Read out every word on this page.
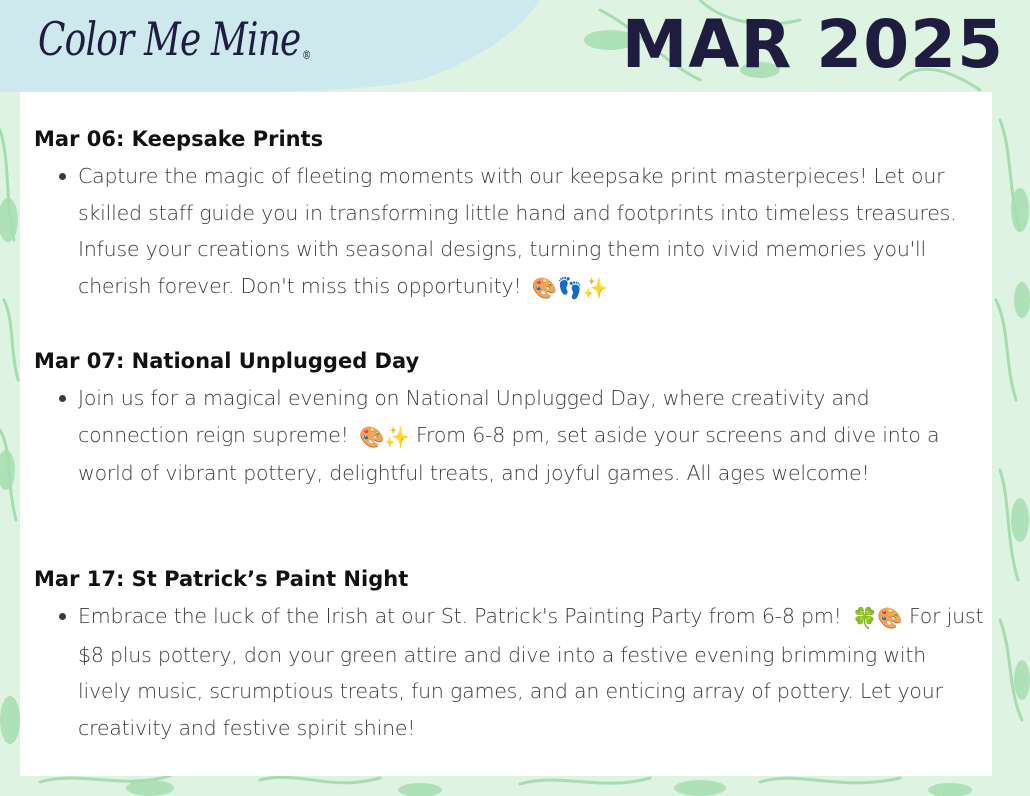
Color Me Mine ®	MAR 2025
Mar 06: Keepsake Prints

Capture the magic of fleeting moments with our keepsake print masterpieces! Let our skilled staff guide you in transforming little hand and footprints into timeless treasures. Infuse your creations with seasonal designs, turning them into vivid memories you'll cherish forever. Don't miss this opportunity! 🎨👣✨

Mar 07: National Unplugged Day

Join us for a magical evening on National Unplugged Day, where creativity and connection reign supreme! 🎨✨ From 6-8 pm, set aside your screens and dive into a world of vibrant pottery, delightful treats, and joyful games. All ages welcome!

Mar 17: St Patrick’s Paint Night

Embrace the luck of the Irish at our St. Patrick's Painting Party from 6-8 pm! 🍀🎨 For just $8 plus pottery, don your green attire and dive into a festive evening brimming with lively music, scrumptious treats, fun games, and an enticing array of pottery. Let your creativity and festive spirit shine!
